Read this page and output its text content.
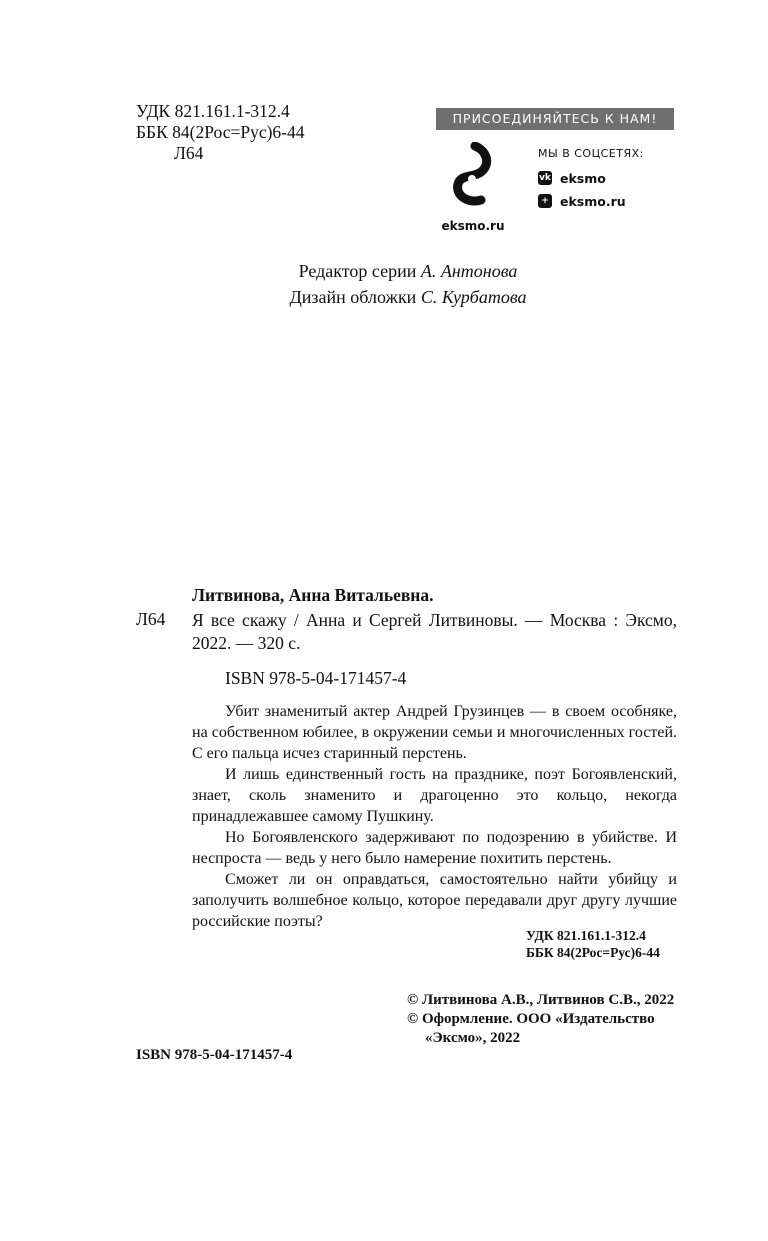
УДК 821.161.1-312.4
ББК 84(2Рос=Рус)6-44
Л64
ПРИСОЕДИНЯЙТЕСЬ К НАМ!
eksmo.ru
МЫ В СОЦСЕТЯХ:
vk eksmo
+ eksmo.ru
Редактор серии А. Антонова
Дизайн обложки С. Курбатова
Литвинова, Анна Витальевна.
Л64 Я все скажу / Анна и Сергей Литвиновы. — Москва : Эксмо, 2022. — 320 с.
ISBN 978-5-04-171457-4

Убит знаменитый актер Андрей Грузинцев — в своем особняке, на собственном юбилее, в окружении семьи и многочисленных гостей. С его пальца исчез старинный перстень.

И лишь единственный гость на празднике, поэт Богоявленский, знает, сколь знаменито и драгоценно это кольцо, некогда принадлежавшее самому Пушкину.

Но Богоявленского задерживают по подозрению в убийстве. И неспроста — ведь у него было намерение похитить перстень.

Сможет ли он оправдаться, самостоятельно найти убийцу и заполучить волшебное кольцо, которое передавали друг другу лучшие российские поэты?

УДК 821.161.1-312.4
ББК 84(2Рос=Рус)6-44
© Литвинова А.В., Литвинов С.В., 2022
© Оформление. ООО «Издательство «Эксмо», 2022
ISBN 978-5-04-171457-4
